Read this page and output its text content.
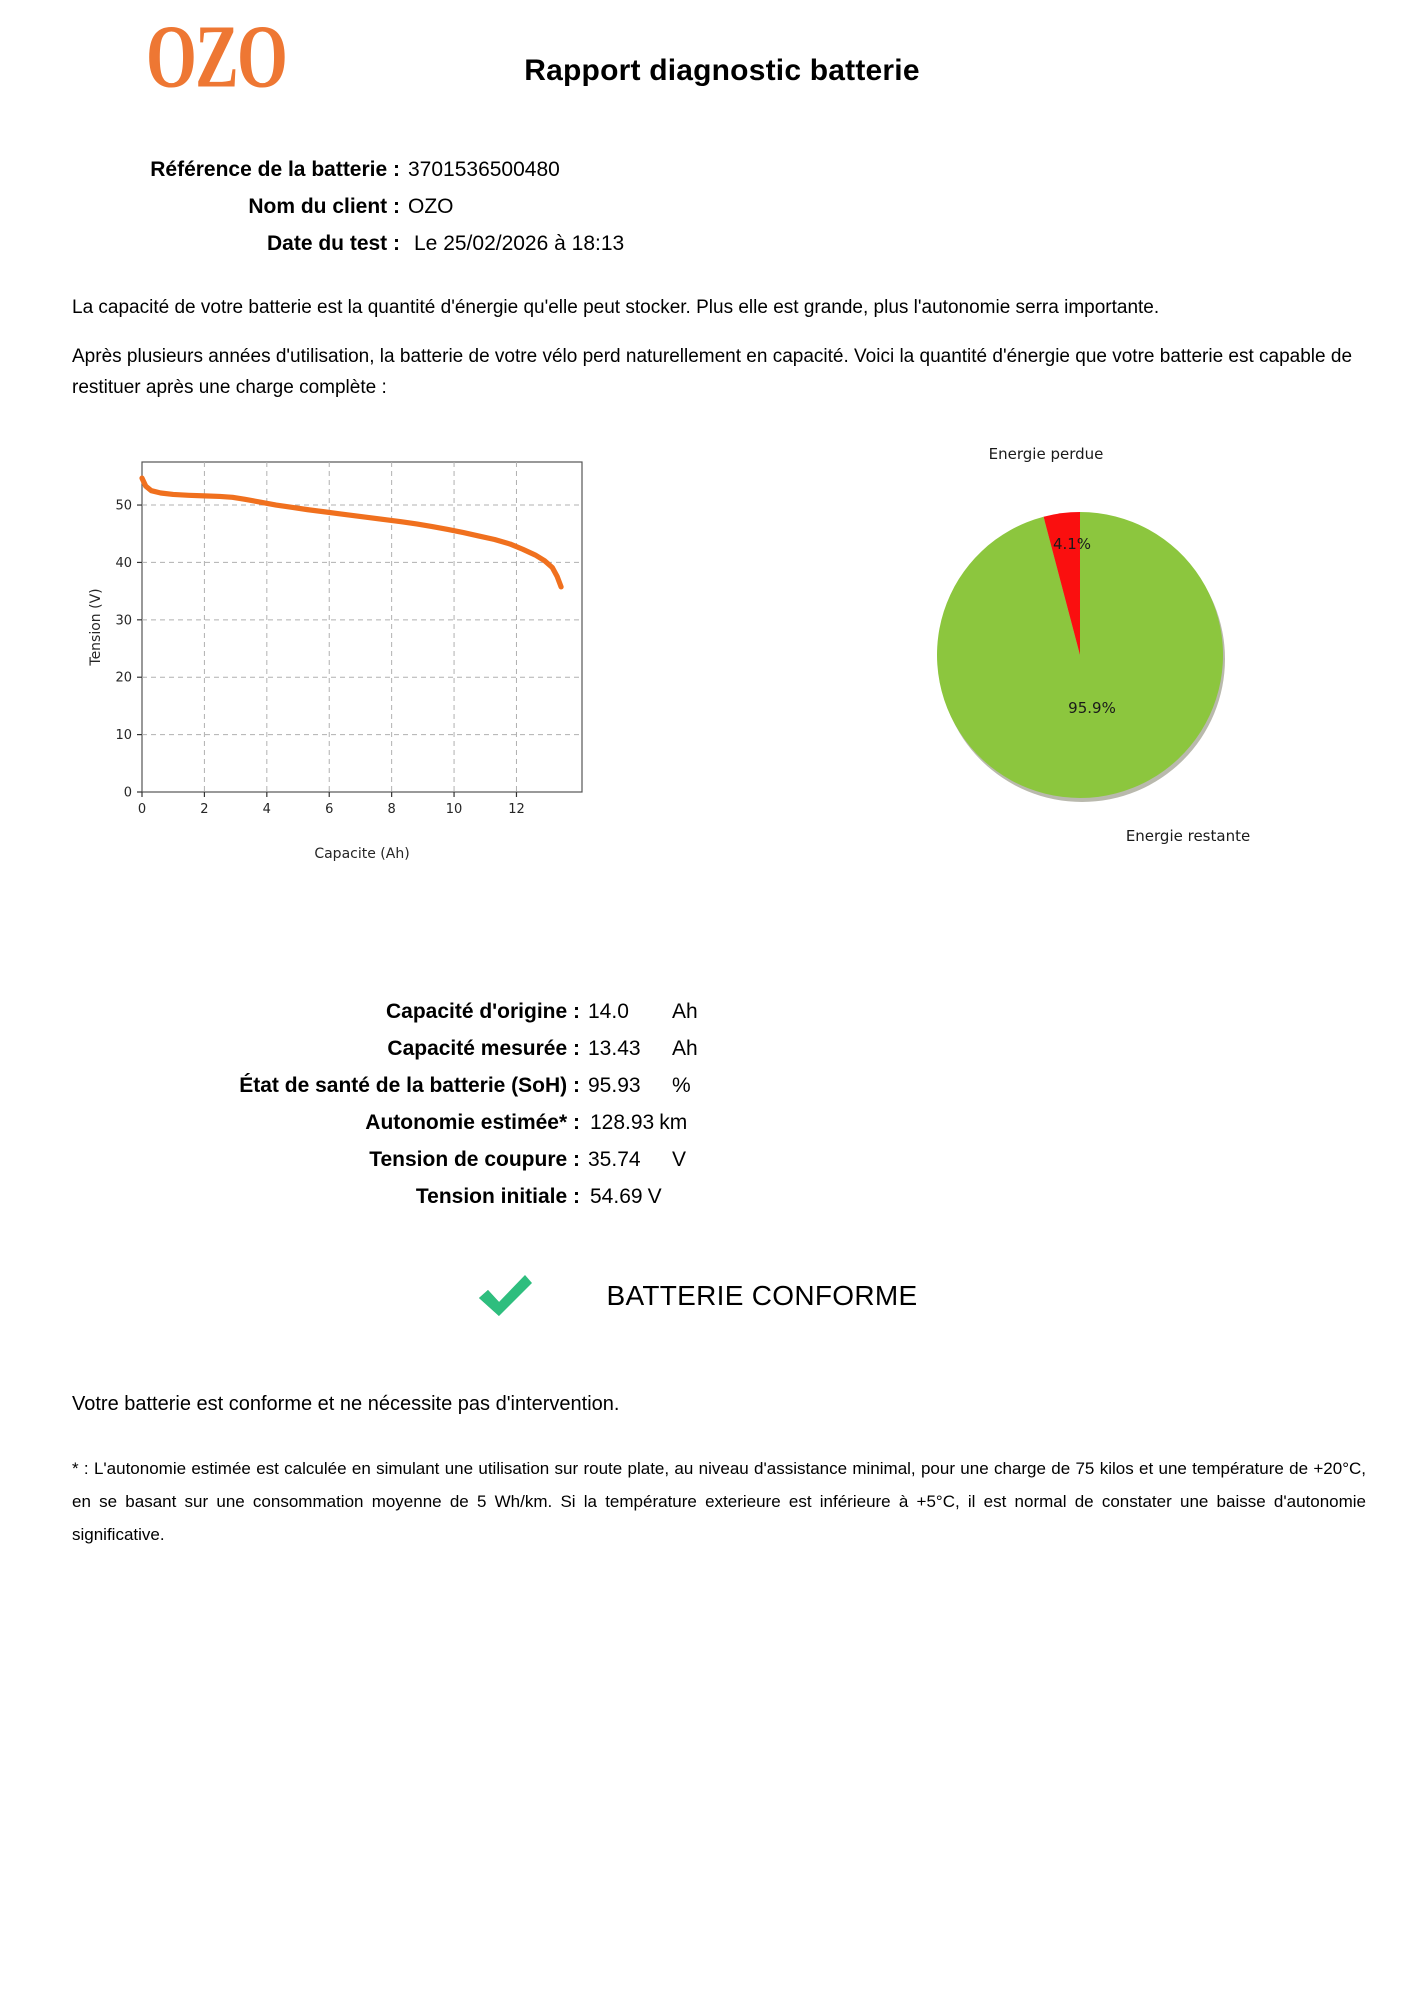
OZO	Rapport diagnostic batterie
Référence de la batterie : 3701536500480
Nom du client : OZO
Date du test : Le 25/02/2026 à 18:13

La capacité de votre batterie est la quantité d'énergie qu'elle peut stocker. Plus elle est grande, plus l'autonomie serra importante.

Après plusieurs années d'utilisation, la batterie de votre vélo perd naturellement en capacité. Voici la quantité d'énergie que votre batterie est capable de restituer après une charge complète :

0
10
20
30
40
50
0	2	4	6	8	10	12
Capacite (Ah)
Tension (V)
Energie perdue
Energie restante
4.1%
95.9%
Capacité d'origine : 14.0	Ah
Capacité mesurée : 13.43	Ah
État de santé de la batterie (SoH) : 95.93	%
Autonomie estimée* : 128.93 km
Tension de coupure : 35.74	V
Tension initiale : 54.69 V
BATTERIE CONFORME
Votre batterie est conforme et ne nécessite pas d'intervention.
* : L'autonomie estimée est calculée en simulant une utilisation sur route plate, au niveau d'assistance minimal, pour une charge de 75 kilos et une température de +20°C, en se basant sur une consommation moyenne de 5 Wh/km. Si la température exterieure est inférieure à +5°C, il est normal de constater une baisse d'autonomie significative.
